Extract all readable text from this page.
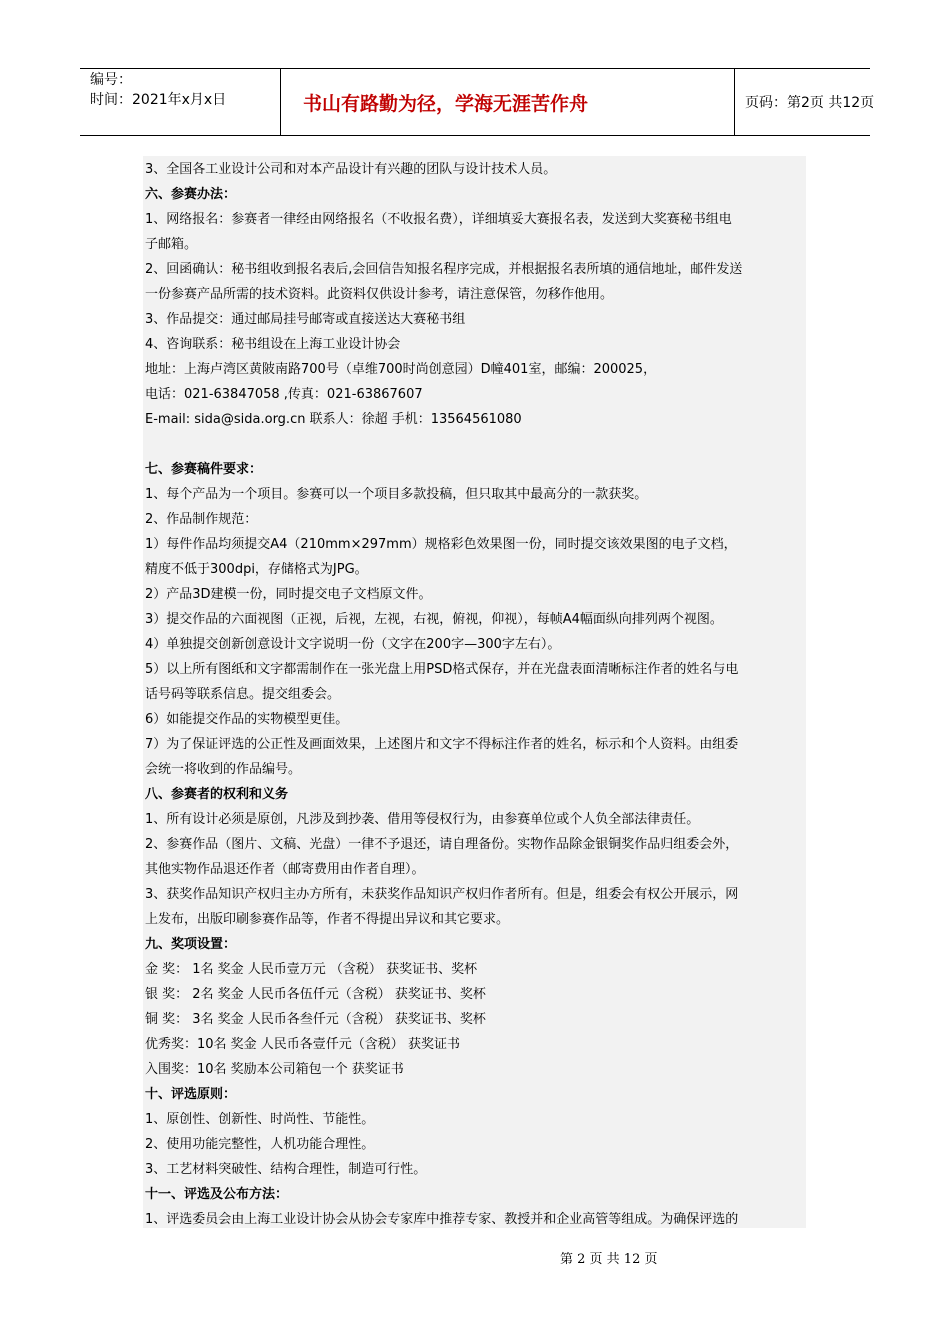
编号：
时间：2021年x月x日	书山有路勤为径，学海无涯苦作舟	页码：第2页 共12页
3、全国各工业设计公司和对本产品设计有兴趣的团队与设计技术人员。
六、参赛办法：
1、网络报名：参赛者一律经由网络报名（不收报名费），详细填妥大赛报名表，发送到大奖赛秘书组电
子邮箱。
2、回函确认：秘书组收到报名表后,会回信告知报名程序完成，并根据报名表所填的通信地址，邮件发送
一份参赛产品所需的技术资料。此资料仅供设计参考，请注意保管，勿移作他用。
3、作品提交：通过邮局挂号邮寄或直接送达大赛秘书组
4、咨询联系：秘书组设在上海工业设计协会
地址：上海卢湾区黄陂南路700号（卓维700时尚创意园）D幢401室，邮编：200025，
电话：021-63847058 ,传真：021-63867607
E-mail: sida@sida.org.cn 联系人：徐超 手机：13564561080
七、参赛稿件要求：
1、每个产品为一个项目。参赛可以一个项目多款投稿，但只取其中最高分的一款获奖。
2、作品制作规范：
1）每件作品均须提交A4（210mm×297mm）规格彩色效果图一份，同时提交该效果图的电子文档，
精度不低于300dpi，存储格式为JPG。
2）产品3D建模一份，同时提交电子文档原文件。
3）提交作品的六面视图（正视，后视，左视，右视，俯视，仰视），每帧A4幅面纵向排列两个视图。
4）单独提交创新创意设计文字说明一份（文字在200字—300字左右）。
5）以上所有图纸和文字都需制作在一张光盘上用PSD格式保存，并在光盘表面清晰标注作者的姓名与电
话号码等联系信息。提交组委会。
6）如能提交作品的实物模型更佳。
7）为了保证评选的公正性及画面效果，上述图片和文字不得标注作者的姓名，标示和个人资料。由组委
会统一将收到的作品编号。
八、参赛者的权利和义务
1、所有设计必须是原创，凡涉及到抄袭、借用等侵权行为，由参赛单位或个人负全部法律责任。
2、参赛作品（图片、文稿、光盘）一律不予退还，请自理备份。实物作品除金银铜奖作品归组委会外，
其他实物作品退还作者（邮寄费用由作者自理）。
3、获奖作品知识产权归主办方所有，未获奖作品知识产权归作者所有。但是，组委会有权公开展示，网
上发布，出版印刷参赛作品等，作者不得提出异议和其它要求。
九、奖项设置：
金 奖： 1名 奖金 人民币壹万元 （含税） 获奖证书、奖杯
银 奖： 2名 奖金 人民币各伍仟元（含税） 获奖证书、奖杯
铜 奖： 3名 奖金 人民币各叁仟元（含税） 获奖证书、奖杯
优秀奖：10名 奖金 人民币各壹仟元（含税） 获奖证书
入围奖：10名 奖励本公司箱包一个 获奖证书
十、评选原则：
1、原创性、创新性、时尚性、节能性。
2、使用功能完整性，人机功能合理性。
3、工艺材料突破性、结构合理性，制造可行性。
十一、评选及公布方法：
1、评选委员会由上海工业设计协会从协会专家库中推荐专家、教授并和企业高管等组成。为确保评选的
第 2 页 共 12 页
